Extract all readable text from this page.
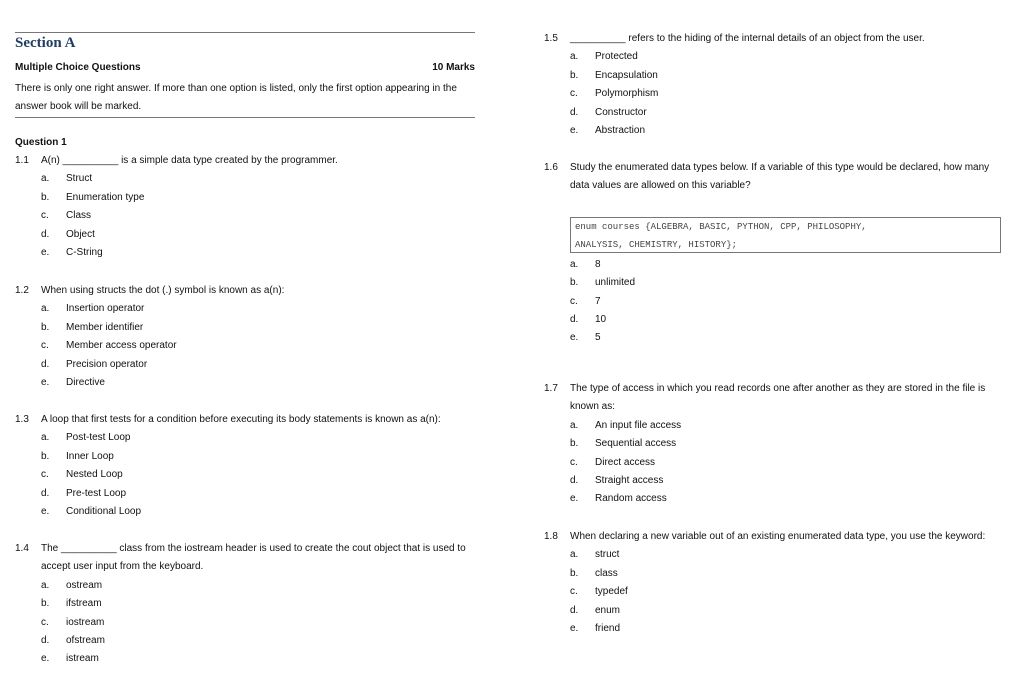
Section A
Multiple Choice Questions	10 Marks
There is only one right answer. If more than one option is listed, only the first option appearing in the answer book will be marked.
Question 1
1.1 A(n) __________ is a simple data type created by the programmer.
a. Struct
b. Enumeration type
c. Class
d. Object
e. C-String
1.2 When using structs the dot (.) symbol is known as a(n):
a. Insertion operator
b. Member identifier
c. Member access operator
d. Precision operator
e. Directive
1.3 A loop that first tests for a condition before executing its body statements is known as a(n):
a. Post-test Loop
b. Inner Loop
c. Nested Loop
d. Pre-test Loop
e. Conditional Loop
1.4 The __________ class from the iostream header is used to create the cout object that is used to accept user input from the keyboard.
a. ostream
b. ifstream
c. iostream
d. ofstream
e. istream
1.5 __________ refers to the hiding of the internal details of an object from the user.
a. Protected
b. Encapsulation
c. Polymorphism
d. Constructor
e. Abstraction
1.6 Study the enumerated data types below. If a variable of this type would be declared, how many data values are allowed on this variable?
a. 8
b. unlimited
c. 7
d. 10
e. 5
enum courses {ALGEBRA, BASIC, PYTHON, CPP, PHILOSOPHY,
ANALYSIS, CHEMISTRY, HISTORY};
1.7 The type of access in which you read records one after another as they are stored in the file is known as:
a. An input file access
b. Sequential access
c. Direct access
d. Straight access
e. Random access
1.8 When declaring a new variable out of an existing enumerated data type, you use the keyword:
a. struct
b. class
c. typedef
d. enum
e. friend
